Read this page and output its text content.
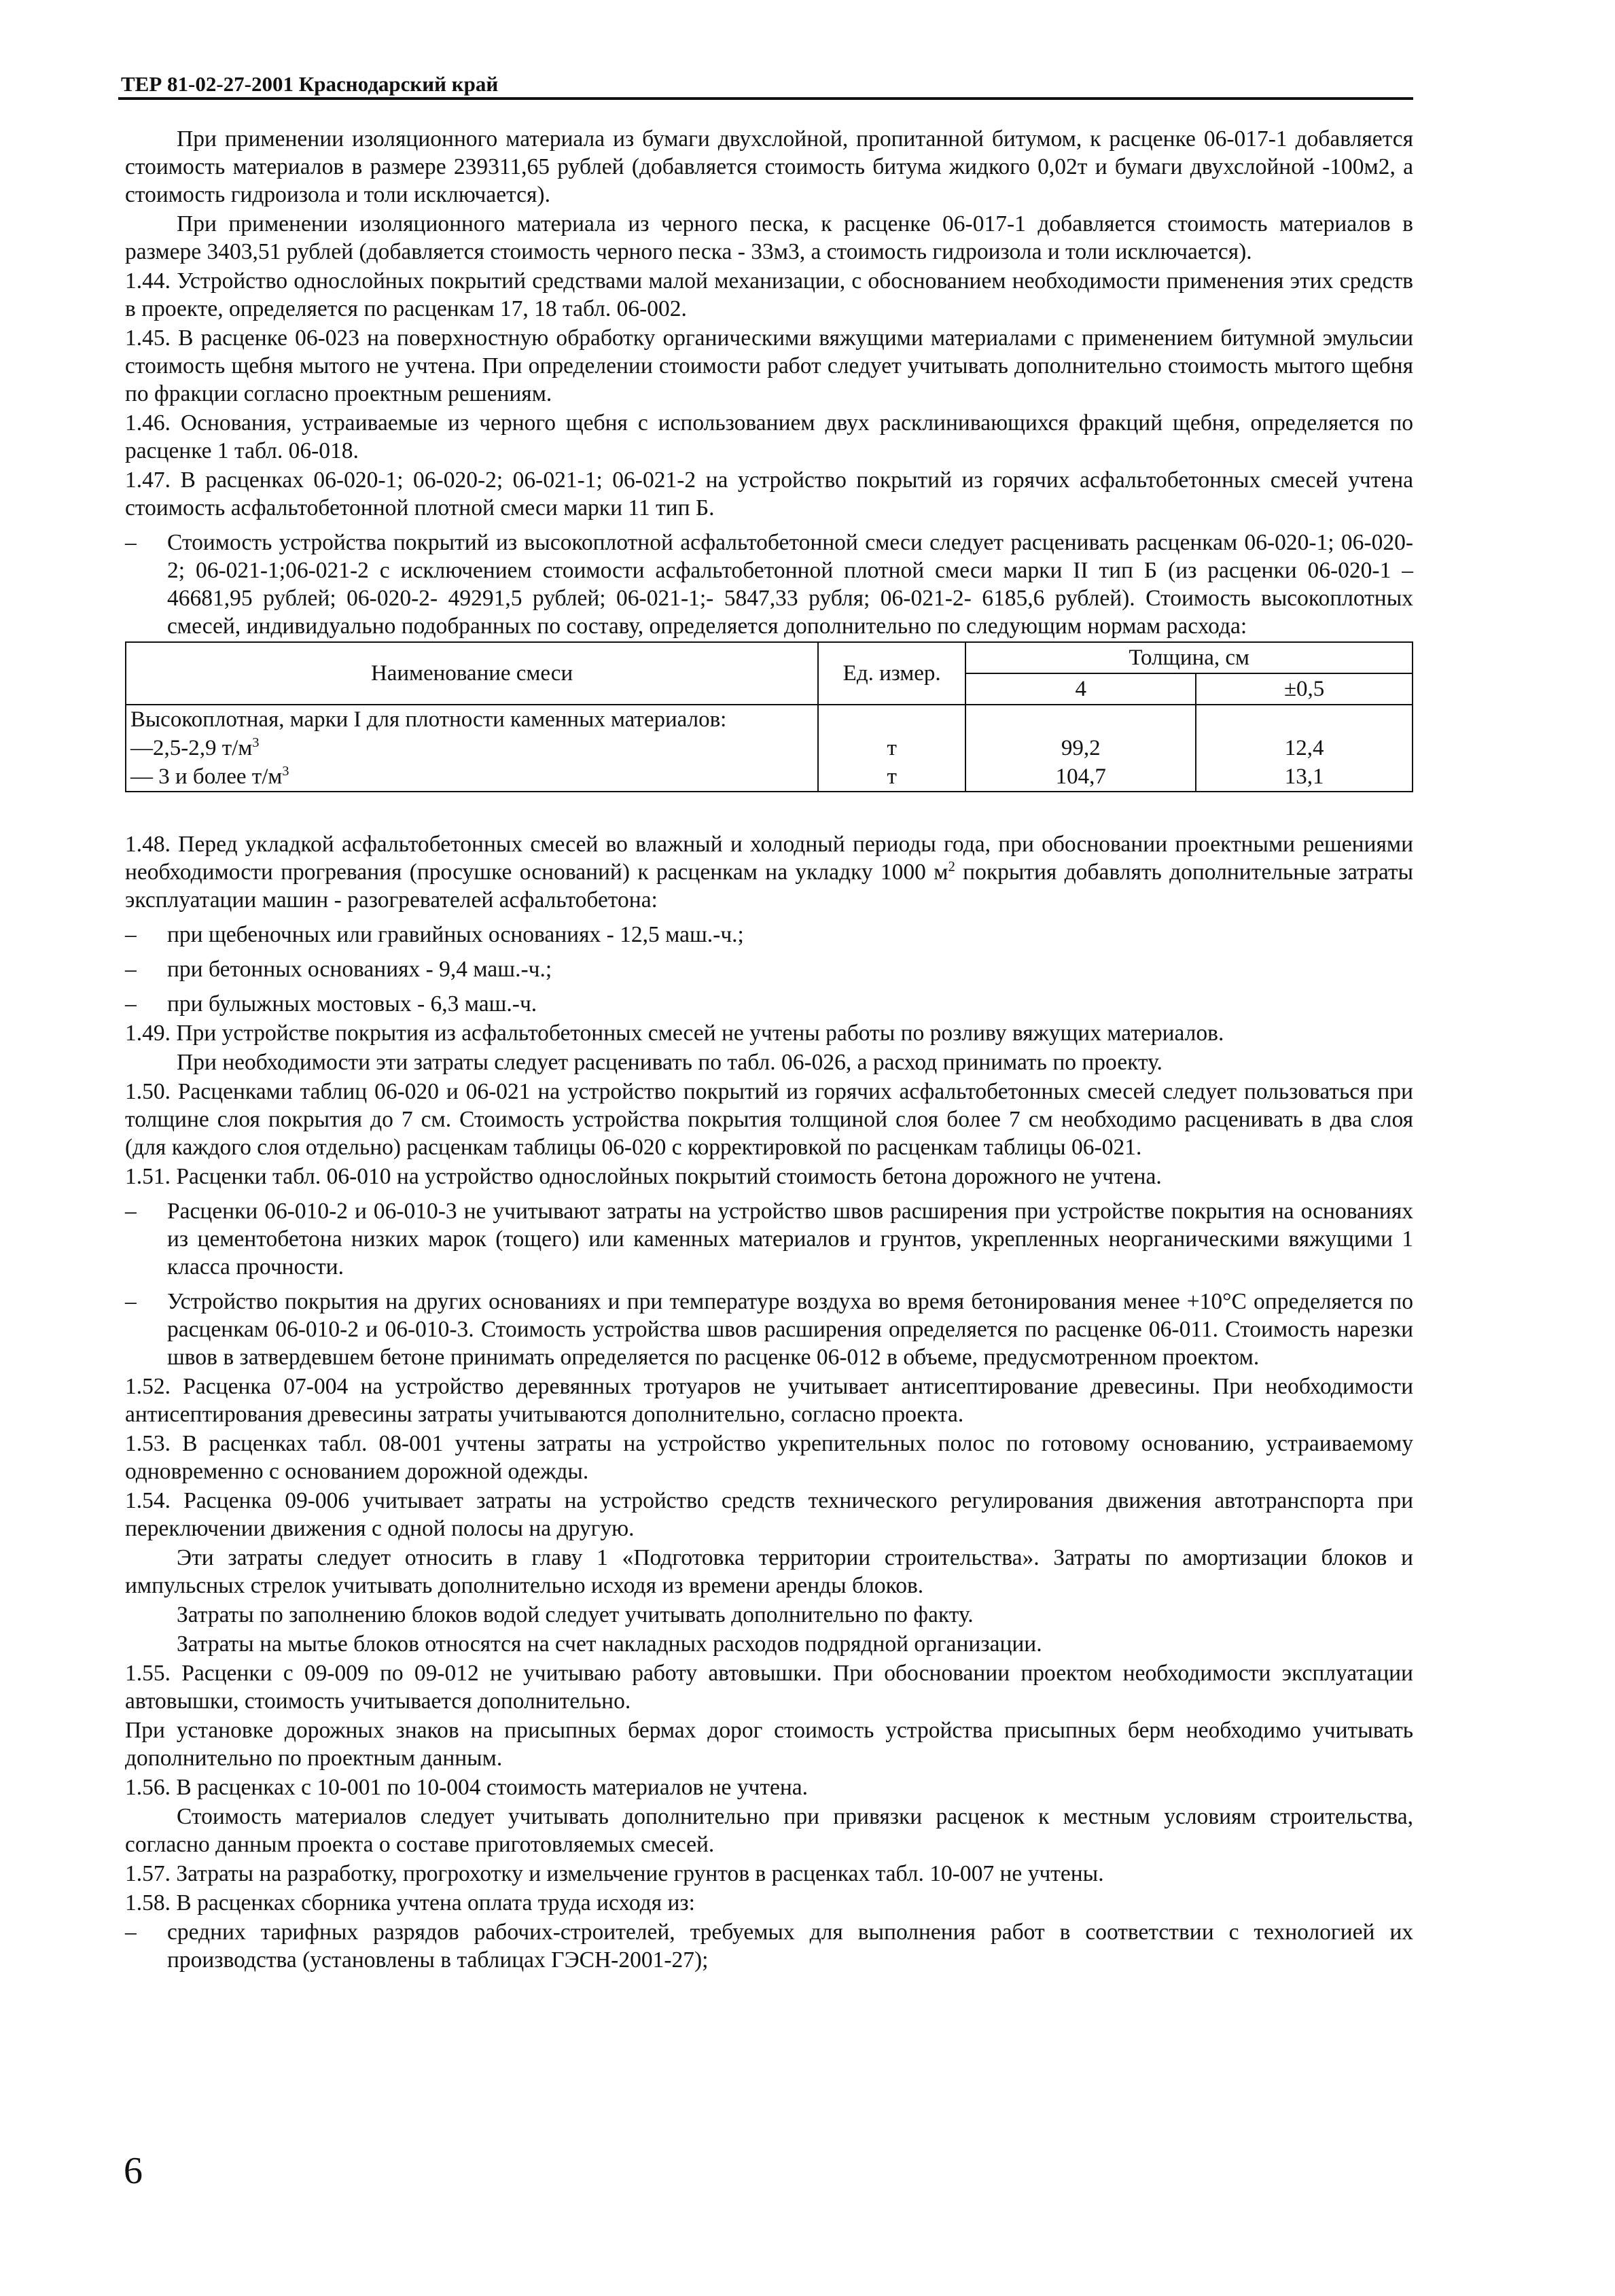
ТЕР 81-02-27-2001 Краснодарский край

При применении изоляционного материала из бумаги двухслойной, пропитанной битумом, к расценке 06-017-1 добавляется стоимость материалов в размере 239311,65 рублей (добавляется стоимость битума жидкого 0,02т и бумаги двухслойной -100м2, а стоимость гидроизола и толи исключается).

При применении изоляционного материала из черного песка, к расценке 06-017-1 добавляется стоимость материалов в размере 3403,51 рублей (добавляется стоимость черного песка - 33м3, а стоимость гидроизола и толи исключается).

1.44. Устройство однослойных покрытий средствами малой механизации, с обоснованием необходимости применения этих средств в проекте, определяется по расценкам 17, 18 табл. 06-002.

1.45. В расценке 06-023 на поверхностную обработку органическими вяжущими материалами с применением битумной эмульсии стоимость щебня мытого не учтена. При определении стоимости работ следует учитывать дополнительно стоимость мытого щебня по фракции согласно проектным решениям.

1.46. Основания, устраиваемые из черного щебня с использованием двух расклинивающихся фракций щебня, определяется по расценке 1 табл. 06-018.

1.47. В расценках 06-020-1; 06-020-2; 06-021-1; 06-021-2 на устройство покрытий из горячих асфальтобетонных смесей учтена стоимость асфальтобетонной плотной смеси марки 11 тип Б.

– Стоимость устройства покрытий из высокоплотной асфальтобетонной смеси следует расценивать расценкам 06-020-1; 06-020-2; 06-021-1;06-021-2 с исключением стоимости асфальтобетонной плотной смеси марки II тип Б (из расценки 06-020-1 – 46681,95 рублей; 06-020-2- 49291,5 рублей; 06-021-1;- 5847,33 рубля; 06-021-2- 6185,6 рублей). Стоимость высокоплотных смесей, индивидуально подобранных по составу, определяется дополнительно по следующим нормам расхода:

Наименование смеси	Ед. измер.	Толщина, см	
		4	±0,5
Высокоплотная, марки I для плотности каменных материалов:			
—2,5-2,9 $т/м^3$	т	99,2	12,4
— 3 и более $т/м^3$	т	104,7	13,1

1.48. Перед укладкой асфальтобетонных смесей во влажный и холодный периоды года, при обосновании проектными решениями необходимости прогревания (просушке оснований) к расценкам на укладку 1000 $м^2$ покрытия добавлять дополнительные затраты эксплуатации машин - разогревателей асфальтобетона:

– при щебеночных или гравийных основаниях - 12,5 маш.-ч.;

– при бетонных основаниях - 9,4 маш.-ч.;

– при булыжных мостовых - 6,3 маш.-ч.

1.49. При устройстве покрытия из асфальтобетонных смесей не учтены работы по розливу вяжущих материалов.

При необходимости эти затраты следует расценивать по табл. 06-026, а расход принимать по проекту.

1.50. Расценками таблиц 06-020 и 06-021 на устройство покрытий из горячих асфальтобетонных смесей следует пользоваться при толщине слоя покрытия до 7 см. Стоимость устройства покрытия толщиной слоя более 7 см необходимо расценивать в два слоя (для каждого слоя отдельно) расценкам таблицы 06-020 с корректировкой по расценкам таблицы 06-021.

1.51. Расценки табл. 06-010 на устройство однослойных покрытий стоимость бетона дорожного не учтена.

– Расценки 06-010-2 и 06-010-3 не учитывают затраты на устройство швов расширения при устройстве покрытия на основаниях из цементобетона низких марок (тощего) или каменных материалов и грунтов, укрепленных неорганическими вяжущими 1 класса прочности.

– Устройство покрытия на других основаниях и при температуре воздуха во время бетонирования менее +10°С определяется по расценкам 06-010-2 и 06-010-3. Стоимость устройства швов расширения определяется по расценке 06-011. Стоимость нарезки швов в затвердевшем бетоне принимать определяется по расценке 06-012 в объеме, предусмотренном проектом.

1.52. Расценка 07-004 на устройство деревянных тротуаров не учитывает антисептирование древесины. При необходимости антисептирования древесины затраты учитываются дополнительно, согласно проекта.

1.53. В расценках табл. 08-001 учтены затраты на устройство укрепительных полос по готовому основанию, устраиваемому одновременно с основанием дорожной одежды.

1.54. Расценка 09-006 учитывает затраты на устройство средств технического регулирования движения автотранспорта при переключении движения с одной полосы на другую.

Эти затраты следует относить в главу 1 «Подготовка территории строительства». Затраты по амортизации блоков и импульсных стрелок учитывать дополнительно исходя из времени аренды блоков.

Затраты по заполнению блоков водой следует учитывать дополнительно по факту.

Затраты на мытье блоков относятся на счет накладных расходов подрядной организации.

1.55. Расценки с 09-009 по 09-012 не учитываю работу автовышки. При обосновании проектом необходимости эксплуатации автовышки, стоимость учитывается дополнительно.

При установке дорожных знаков на присыпных бермах дорог стоимость устройства присыпных берм необходимо учитывать дополнительно по проектным данным.

1.56. В расценках с 10-001 по 10-004 стоимость материалов не учтена.

Стоимость материалов следует учитывать дополнительно при привязки расценок к местным условиям строительства, согласно данным проекта о составе приготовляемых смесей.

1.57. Затраты на разработку, прогрохотку и измельчение грунтов в расценках табл. 10-007 не учтены.

1.58. В расценках сборника учтена оплата труда исходя из:

– средних тарифных разрядов рабочих-строителей, требуемых для выполнения работ в соответствии с технологией их производства (установлены в таблицах ГЭСН-2001-27);

6
